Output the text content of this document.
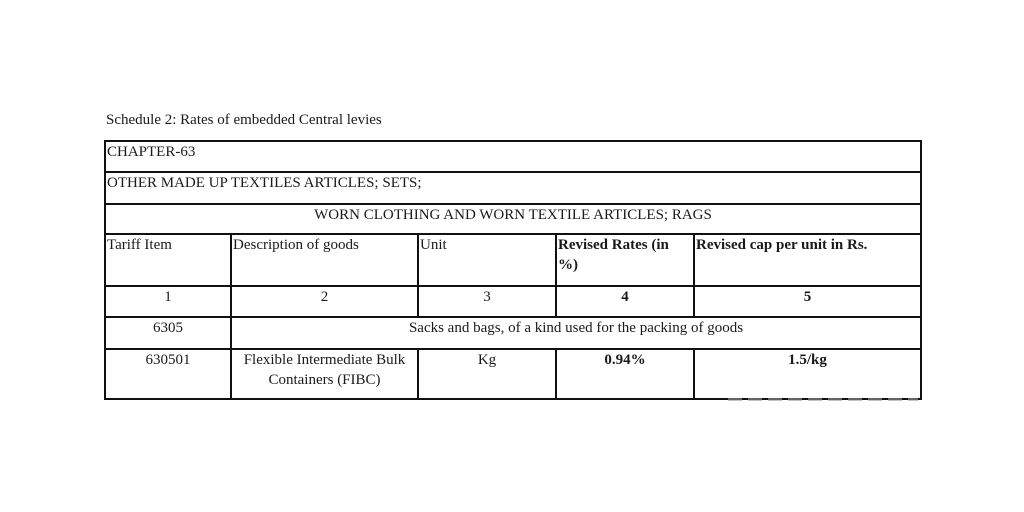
Schedule 2: Rates of embedded Central levies
CHAPTER-63				
OTHER MADE UP TEXTILES ARTICLES; SETS;				
WORN CLOTHING AND WORN TEXTILE ARTICLES; RAGS				
Tariff Item	Description of goods	Unit	Revised Rates (in %)	Revised cap per unit in Rs.
1	2	3	4	5
6305	Sacks and bags, of a kind used for the packing of goods			
630501	Flexible Intermediate Bulk Containers (FIBC)	Kg	0.94%	1.5/kg
